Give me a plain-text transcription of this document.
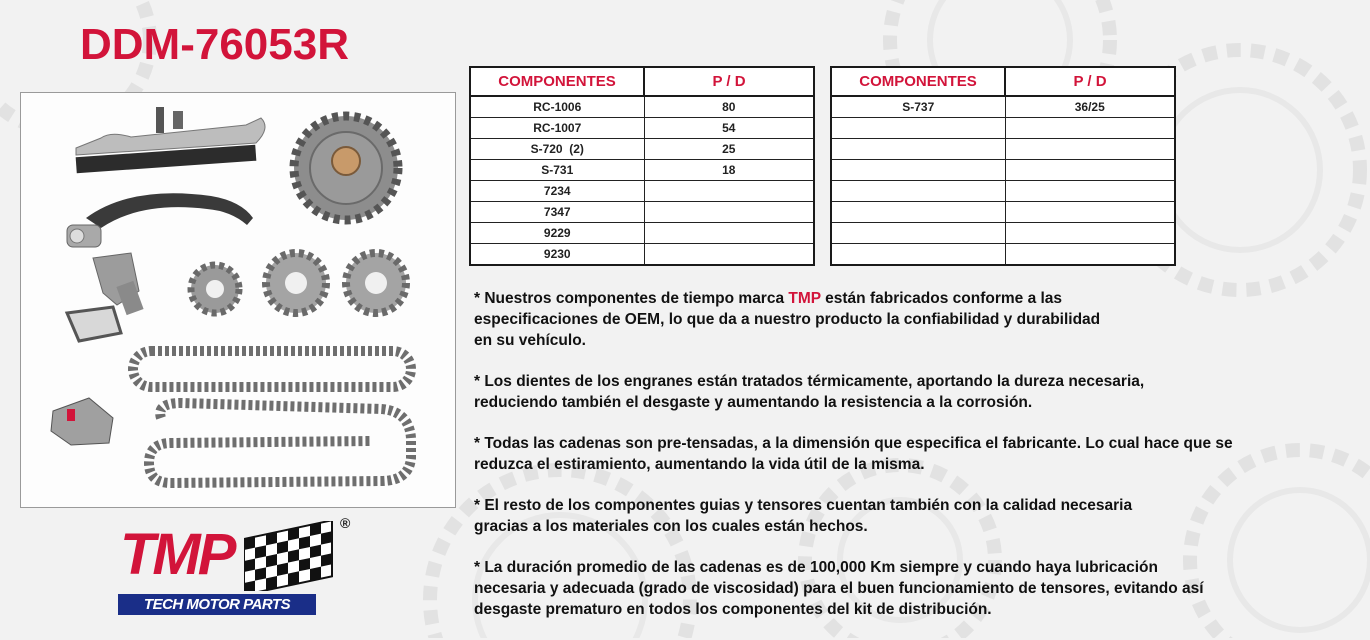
DDM-76053R
COMPONENTES	P / D
RC-1006	80
RC-1007	54
S-720  (2)	25
S-731	18
7234	
7347	
9229	
9230	
COMPONENTES	P / D
S-737	36/25

* Nuestros componentes de tiempo marca TMP están fabricados conforme a las
especificaciones de OEM, lo que da a nuestro producto la confiabilidad y durabilidad
en su vehículo.

* Los dientes de los engranes están tratados térmicamente, aportando la dureza necesaria,
reduciendo también el desgaste y aumentando la resistencia a la corrosión.

* Todas las cadenas son pre-tensadas, a la dimensión que especifica el fabricante. Lo cual hace que se
reduzca el estiramiento, aumentando la vida útil de la misma.

* El resto de los componentes guias y tensores cuentan también con la calidad necesaria
gracias a los materiales con los cuales están hechos.

* La duración promedio de las cadenas es de 100,000 Km siempre y cuando haya lubricación
necesaria y adecuada (grado de viscosidad) para el buen funcionamiento de tensores, evitando así
desgaste prematuro en todos los componentes del kit de distribución.

TMP	®
TECH MOTOR PARTS
